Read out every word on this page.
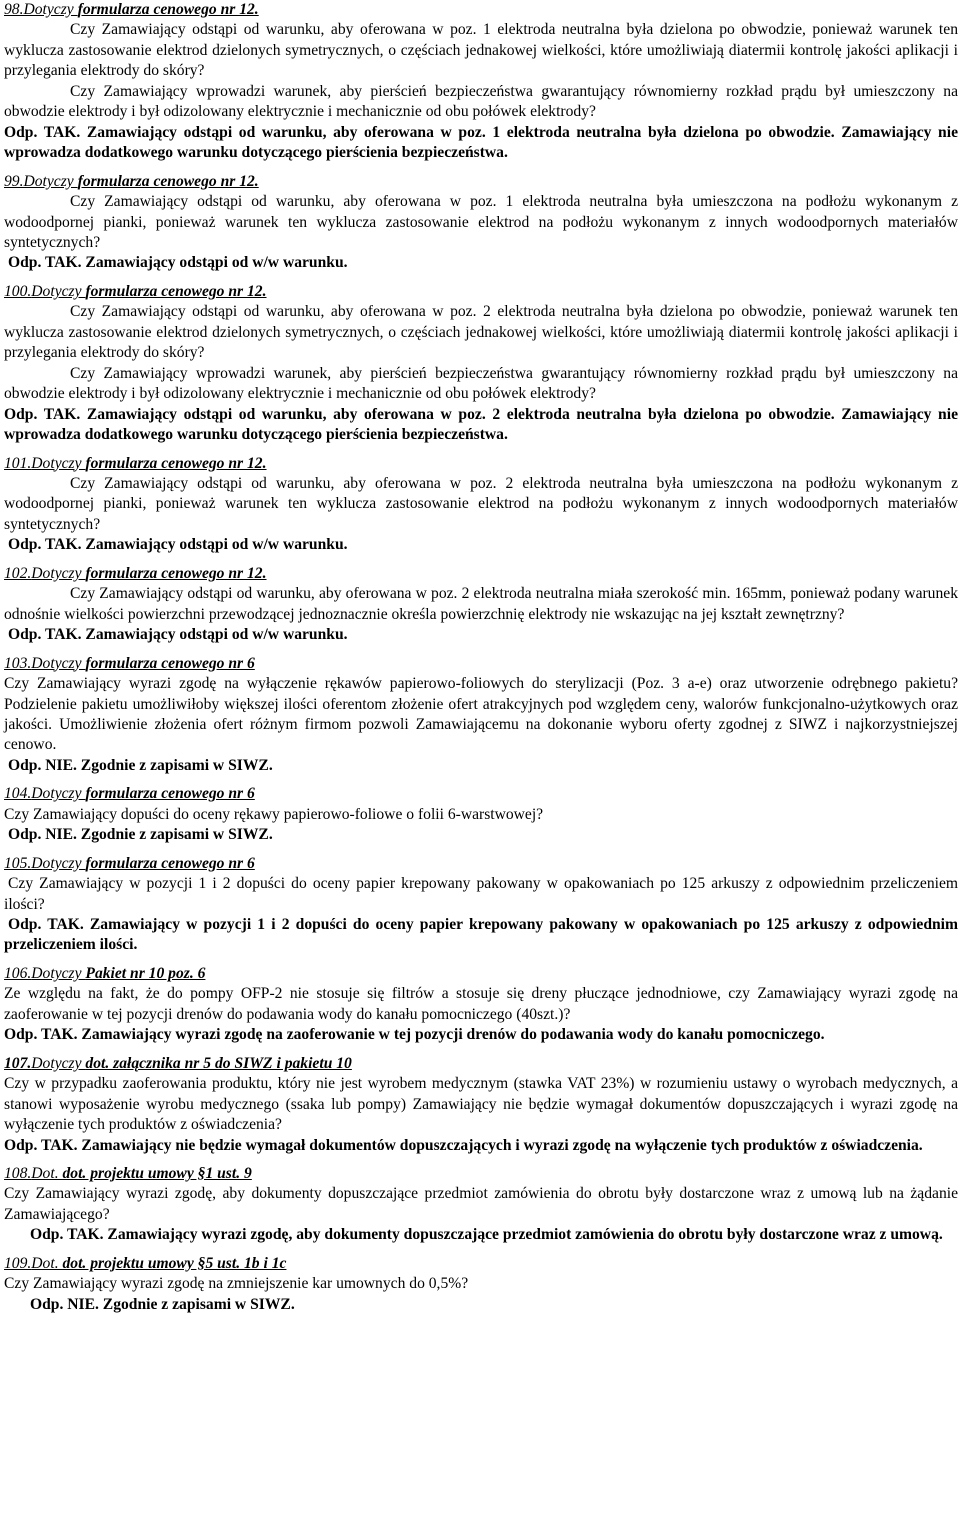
98.Dotyczy formularza cenowego nr 12.

Czy Zamawiający odstąpi od warunku, aby oferowana w poz. 1 elektroda neutralna była dzielona po obwodzie, ponieważ warunek ten wyklucza zastosowanie elektrod dzielonych symetrycznych, o częściach jednakowej wielkości, które umożliwiają diatermii kontrolę jakości aplikacji i przylegania elektrody do skóry?

Czy Zamawiający wprowadzi warunek, aby pierścień bezpieczeństwa gwarantujący równomierny rozkład prądu był umieszczony na obwodzie elektrody i był odizolowany elektrycznie i mechanicznie od obu połówek elektrody?

Odp. TAK. Zamawiający odstąpi od warunku, aby oferowana w poz. 1 elektroda neutralna była dzielona po obwodzie. Zamawiający nie wprowadza dodatkowego warunku dotyczącego pierścienia bezpieczeństwa.

99.Dotyczy formularza cenowego nr 12.

Czy Zamawiający odstąpi od warunku, aby oferowana w poz. 1 elektroda neutralna była umieszczona na podłożu wykonanym z wodoodpornej pianki, ponieważ warunek ten wyklucza zastosowanie elektrod na podłożu wykonanym z innych wodoodpornych materiałów syntetycznych?

Odp. TAK. Zamawiający odstąpi od w/w warunku.

100.Dotyczy formularza cenowego nr 12.

Czy Zamawiający odstąpi od warunku, aby oferowana w poz. 2 elektroda neutralna była dzielona po obwodzie, ponieważ warunek ten wyklucza zastosowanie elektrod dzielonych symetrycznych, o częściach jednakowej wielkości, które umożliwiają diatermii kontrolę jakości aplikacji i przylegania elektrody do skóry?

Czy Zamawiający wprowadzi warunek, aby pierścień bezpieczeństwa gwarantujący równomierny rozkład prądu był umieszczony na obwodzie elektrody i był odizolowany elektrycznie i mechanicznie od obu połówek elektrody?

Odp. TAK. Zamawiający odstąpi od warunku, aby oferowana w poz. 2 elektroda neutralna była dzielona po obwodzie. Zamawiający nie wprowadza dodatkowego warunku dotyczącego pierścienia bezpieczeństwa.

101.Dotyczy formularza cenowego nr 12.

Czy Zamawiający odstąpi od warunku, aby oferowana w poz. 2 elektroda neutralna była umieszczona na podłożu wykonanym z wodoodpornej pianki, ponieważ warunek ten wyklucza zastosowanie elektrod na podłożu wykonanym z innych wodoodpornych materiałów syntetycznych?

Odp. TAK. Zamawiający odstąpi od w/w warunku.

102.Dotyczy formularza cenowego nr 12.

Czy Zamawiający odstąpi od warunku, aby oferowana w poz. 2 elektroda neutralna miała szerokość min. 165mm, ponieważ podany warunek odnośnie wielkości powierzchni przewodzącej jednoznacznie określa powierzchnię elektrody nie wskazując na jej kształt zewnętrzny?

Odp. TAK. Zamawiający odstąpi od w/w warunku.

103.Dotyczy formularza cenowego nr 6

Czy Zamawiający wyrazi zgodę na wyłączenie rękawów papierowo-foliowych do sterylizacji (Poz. 3 a-e) oraz utworzenie odrębnego pakietu? Podzielenie pakietu umożliwiłoby większej ilości oferentom złożenie ofert atrakcyjnych pod względem ceny, walorów funkcjonalno-użytkowych oraz jakości. Umożliwienie złożenia ofert różnym firmom pozwoli Zamawiającemu na dokonanie wyboru oferty zgodnej z SIWZ i najkorzystniejszej cenowo.

Odp. NIE. Zgodnie z zapisami w SIWZ.

104.Dotyczy formularza cenowego nr 6

Czy Zamawiający dopuści do oceny rękawy papierowo-foliowe o folii 6-warstwowej?

Odp. NIE. Zgodnie z zapisami w SIWZ.

105.Dotyczy formularza cenowego nr 6

Czy Zamawiający w pozycji 1 i 2 dopuści do oceny papier krepowany pakowany w opakowaniach po 125 arkuszy z odpowiednim przeliczeniem ilości?

Odp. TAK. Zamawiający w pozycji 1 i 2 dopuści do oceny papier krepowany pakowany w opakowaniach po 125 arkuszy z odpowiednim przeliczeniem ilości.

106.Dotyczy Pakiet nr 10 poz. 6

Ze względu na fakt, że do pompy OFP-2 nie stosuje się filtrów a stosuje się dreny płuczące jednodniowe, czy Zamawiający wyrazi zgodę na zaoferowanie w tej pozycji drenów do podawania wody do kanału pomocniczego (40szt.)?

Odp. TAK. Zamawiający wyrazi zgodę na zaoferowanie w tej pozycji drenów do podawania wody do kanału pomocniczego.

107.Dotyczy dot. załącznika nr 5 do SIWZ i pakietu 10

Czy w przypadku zaoferowania produktu, który nie jest wyrobem medycznym (stawka VAT 23%) w rozumieniu ustawy o wyrobach medycznych, a stanowi wyposażenie wyrobu medycznego (ssaka lub pompy) Zamawiający nie będzie wymagał dokumentów dopuszczających i wyrazi zgodę na wyłączenie tych produktów z oświadczenia?

Odp. TAK. Zamawiający nie będzie wymagał dokumentów dopuszczających i wyrazi zgodę na wyłączenie tych produktów z oświadczenia.

108.Dot. dot. projektu umowy §1 ust. 9

Czy Zamawiający wyrazi zgodę, aby dokumenty dopuszczające przedmiot zamówienia do obrotu były dostarczone wraz z umową lub na żądanie Zamawiającego?

Odp. TAK. Zamawiający wyrazi zgodę, aby dokumenty dopuszczające przedmiot zamówienia do obrotu były dostarczone wraz z umową.

109.Dot. dot. projektu umowy §5 ust. 1b i 1c

Czy Zamawiający wyrazi zgodę na zmniejszenie kar umownych do 0,5%?

Odp. NIE. Zgodnie z zapisami w SIWZ.
